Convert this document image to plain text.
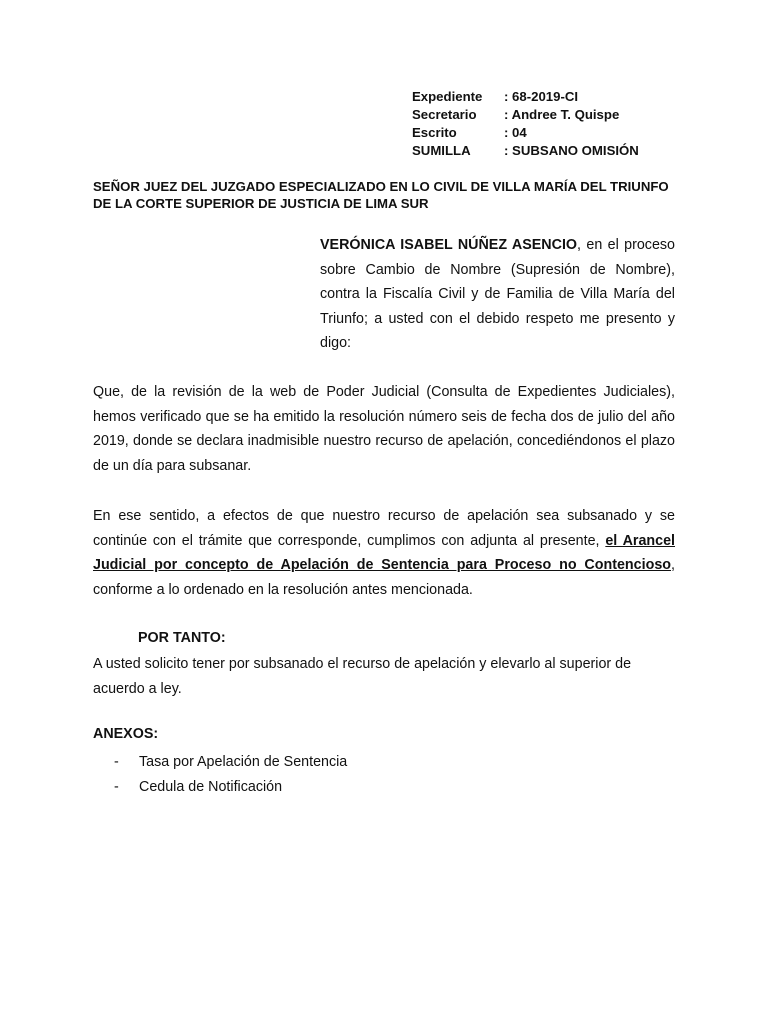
Expediente	: 68-2019-CI
Secretario	: Andree T. Quispe
Escrito	: 04
SUMILLA	: SUBSANO OMISIÓN
SEÑOR JUEZ DEL JUZGADO ESPECIALIZADO EN LO CIVIL DE VILLA MARÍA DEL TRIUNFO
DE LA CORTE SUPERIOR DE JUSTICIA DE LIMA SUR
VERÓNICA ISABEL NÚÑEZ ASENCIO, en el proceso sobre Cambio de Nombre (Supresión de Nombre), contra la Fiscalía Civil y de Familia de Villa María del Triunfo; a usted con el debido respeto me presento y digo:
Que, de la revisión de la web de Poder Judicial (Consulta de Expedientes Judiciales), hemos verificado que se ha emitido la resolución número seis de fecha dos de julio del año 2019, donde se declara inadmisible nuestro recurso de apelación, concediéndonos el plazo de un día para subsanar.
En ese sentido, a efectos de que nuestro recurso de apelación sea subsanado y se continúe con el trámite que corresponde, cumplimos con adjunta al presente, el Arancel Judicial por concepto de Apelación de Sentencia para Proceso no Contencioso, conforme a lo ordenado en la resolución antes mencionada.
POR TANTO:
A usted solicito tener por subsanado el recurso de apelación y elevarlo al superior de acuerdo a ley.
ANEXOS:
-	Tasa por Apelación de Sentencia
-	Cedula de Notificación
